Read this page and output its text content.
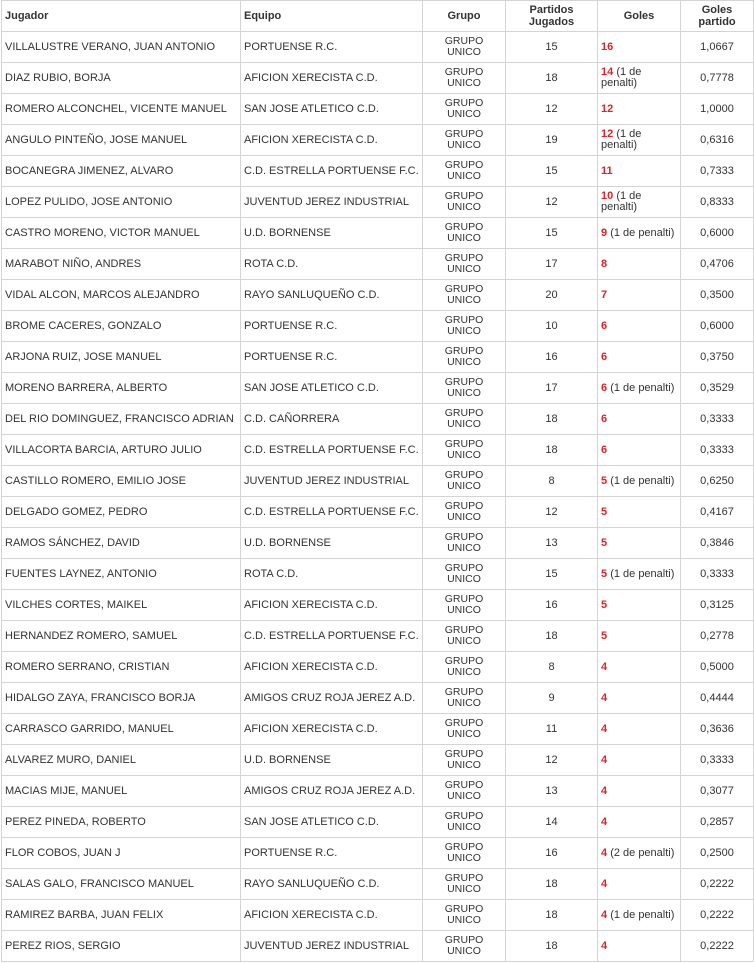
Jugador	Equipo	Grupo	Partidos
Jugados	Goles	Goles
partido
VILLALUSTRE VERANO, JUAN ANTONIO	PORTUENSE R.C.	GRUPO
UNICO	15	16	1,0667
DIAZ RUBIO, BORJA	AFICION XERECISTA C.D.	GRUPO
UNICO	18	14 (1 de penalti)	0,7778
ROMERO ALCONCHEL, VICENTE MANUEL	SAN JOSE ATLETICO C.D.	GRUPO
UNICO	12	12	1,0000
ANGULO PINTEÑO, JOSE MANUEL	AFICION XERECISTA C.D.	GRUPO
UNICO	19	12 (1 de penalti)	0,6316
BOCANEGRA JIMENEZ, ALVARO	C.D. ESTRELLA PORTUENSE F.C.	GRUPO
UNICO	15	11	0,7333
LOPEZ PULIDO, JOSE ANTONIO	JUVENTUD JEREZ INDUSTRIAL	GRUPO
UNICO	12	10 (1 de penalti)	0,8333
CASTRO MORENO, VICTOR MANUEL	U.D. BORNENSE	GRUPO
UNICO	15	9 (1 de penalti)	0,6000
MARABOT NIÑO, ANDRES	ROTA C.D.	GRUPO
UNICO	17	8	0,4706
VIDAL ALCON, MARCOS ALEJANDRO	RAYO SANLUQUEÑO C.D.	GRUPO
UNICO	20	7	0,3500
BROME CACERES, GONZALO	PORTUENSE R.C.	GRUPO
UNICO	10	6	0,6000
ARJONA RUIZ, JOSE MANUEL	PORTUENSE R.C.	GRUPO
UNICO	16	6	0,3750
MORENO BARRERA, ALBERTO	SAN JOSE ATLETICO C.D.	GRUPO
UNICO	17	6 (1 de penalti)	0,3529
DEL RIO DOMINGUEZ, FRANCISCO ADRIAN	C.D. CAÑORRERA	GRUPO
UNICO	18	6	0,3333
VILLACORTA BARCIA, ARTURO JULIO	C.D. ESTRELLA PORTUENSE F.C.	GRUPO
UNICO	18	6	0,3333
CASTILLO ROMERO, EMILIO JOSE	JUVENTUD JEREZ INDUSTRIAL	GRUPO
UNICO	8	5 (1 de penalti)	0,6250
DELGADO GOMEZ, PEDRO	C.D. ESTRELLA PORTUENSE F.C.	GRUPO
UNICO	12	5	0,4167
RAMOS SÁNCHEZ, DAVID	U.D. BORNENSE	GRUPO
UNICO	13	5	0,3846
FUENTES LAYNEZ, ANTONIO	ROTA C.D.	GRUPO
UNICO	15	5 (1 de penalti)	0,3333
VILCHES CORTES, MAIKEL	AFICION XERECISTA C.D.	GRUPO
UNICO	16	5	0,3125
HERNANDEZ ROMERO, SAMUEL	C.D. ESTRELLA PORTUENSE F.C.	GRUPO
UNICO	18	5	0,2778
ROMERO SERRANO, CRISTIAN	AFICION XERECISTA C.D.	GRUPO
UNICO	8	4	0,5000
HIDALGO ZAYA, FRANCISCO BORJA	AMIGOS CRUZ ROJA JEREZ A.D.	GRUPO
UNICO	9	4	0,4444
CARRASCO GARRIDO, MANUEL	AFICION XERECISTA C.D.	GRUPO
UNICO	11	4	0,3636
ALVAREZ MURO, DANIEL	U.D. BORNENSE	GRUPO
UNICO	12	4	0,3333
MACIAS MIJE, MANUEL	AMIGOS CRUZ ROJA JEREZ A.D.	GRUPO
UNICO	13	4	0,3077
PEREZ PINEDA, ROBERTO	SAN JOSE ATLETICO C.D.	GRUPO
UNICO	14	4	0,2857
FLOR COBOS, JUAN J	PORTUENSE R.C.	GRUPO
UNICO	16	4 (2 de penalti)	0,2500
SALAS GALO, FRANCISCO MANUEL	RAYO SANLUQUEÑO C.D.	GRUPO
UNICO	18	4	0,2222
RAMIREZ BARBA, JUAN FELIX	AFICION XERECISTA C.D.	GRUPO
UNICO	18	4 (1 de penalti)	0,2222
PEREZ RIOS, SERGIO	JUVENTUD JEREZ INDUSTRIAL	GRUPO
UNICO	18	4	0,2222
